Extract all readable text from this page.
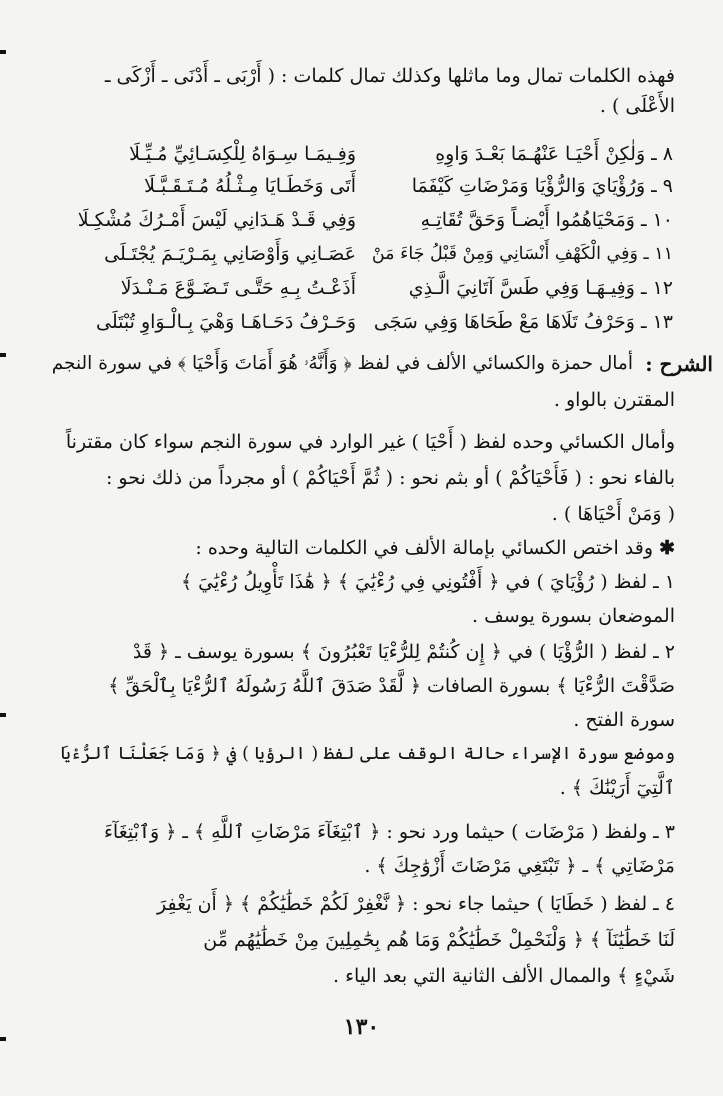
فهذه الكلمات تمال وما ماثلها وكذلك تمال كلمات : ( أَرْبَى ـ أَدْنَى ـ أَزْكَى ـ
الأَعْلَى ) .
٨ ـ وَلٰكِنْ أَحْيَـا عَنْهُـمَا بَعْـدَ وَاوِهِ
وَفِـيمَـا سِـوَاهُ لِلْكِسَـائِيِّ مُـيِّـلَا
٩ ـ وَرُؤْيَايَ وَالرُّؤْيَا وَمَرْضَاتِ كَيْفَمَا
أَتَى وَخَطَـايَا مِـثْـلُهُ مُـتَـقَـبَّـلَا
١٠ ـ وَمَحْيَاهُمُوا أَيْضـاً وَحَقَّ تُقَاتِـهِ
وَفِي قَـدْ هَـدَانِي لَيْسَ أَمْـرُكَ مُشْكِـلَا
١١ ـ وَفِي الْكَهْفِ أَنْسَانِي وَمِنْ قَبْلُ جَاءَ مَنْ
عَصَـانِي وَأَوْصَانِي بِمَـرْيَـمَ يُجْتَـلَى
١٢ ـ وَفِيـهَـا وَفِي طَسَّ آتَانِيَ الَّـذِي
أَذَعْـتُ بِـهِ حَتَّـى تَـضَـوَّعَ مَـنْـدَلَا
١٣ ـ وَحَرْفُ تَلَاهَا مَعْ طَحَاهَا وَفِي سَجَى
وَحَـرْفُ دَحَـاهَـا وَهْيَ بِـالْـوَاوِ تُبْتَلَى
الشرح :
أمال حمزة والكسائي الألف في لفظ ﴿ وَأَنَّهُۥ هُوَ أَمَاتَ وَأَحْيَا ﴾ في سورة النجم
المقترن بالواو .
وأمال الكسائي وحده لفظ ( أَحْيَا ) غير الوارد في سورة النجم سواء كان مقترناً
بالفاء نحو : ( فَأَحْيَاكُمْ ) أو بثم نحو : ( ثُمَّ أَحْيَاكُمْ ) أو مجرداً من ذلك نحو :
( وَمَنْ أَحْيَاهَا ) .
✱ وقد اختص الكسائي بإمالة الألف في الكلمات التالية وحده :
١ ـ لفظ ( رُؤْيَايَ ) في ﴿ أَفْتُونِي فِي رُءْيَٰيَ ﴾ ﴿ هَٰذَا تَأْوِيلُ رُءْيَٰيَ ﴾
الموضعان بسورة يوسف .
٢ ـ لفظ ( الرُّؤْيَا ) في ﴿ إِن كُنتُمْ لِلرُّءْيَا تَعْبُرُونَ ﴾ بسورة يوسف ـ ﴿ قَدْ
صَدَّقْتَ الرُّءْيَا ﴾ بسورة الصافات ﴿ لَّقَدْ صَدَقَ ٱللَّهُ رَسُولَهُ ٱلرُّءْيَا بِٱلْحَقِّ ﴾
سورة الفتح .
وموضع سورة الإسراء حالة الوقف على لفظ ( الرؤيا ) في ﴿ وَمَا جَعَلْنَا ٱلرُّءْيَا
ٱلَّتِيٓ أَرَيْنَٰكَ ﴾ .
٣ ـ ولفظ ( مَرْضَات ) حيثما ورد نحو : ﴿ ٱبْتِغَآءَ مَرْضَاتِ ٱللَّهِ ﴾ ـ ﴿ وَٱبْتِغَآءَ
مَرْضَاتِي ﴾ ـ ﴿ تَبْتَغِي مَرْضَاتَ أَزْوَٰجِكَ ﴾ .
٤ ـ لفظ ( خَطَايَا ) حيثما جاء نحو : ﴿ نَّغْفِرْ لَكُمْ خَطَٰيَٰكُمْ ﴾ ﴿ أَن يَغْفِرَ
لَنَا خَطَٰيَٰنَآ ﴾ ﴿ وَلْنَحْمِلْ خَطَٰيَٰكُمْ وَمَا هُم بِحَٰمِلِينَ مِنْ خَطَٰيَٰهُم مِّن
شَيْءٍ ﴾ والممال الألف الثانية التي بعد الياء .
١٣٠
